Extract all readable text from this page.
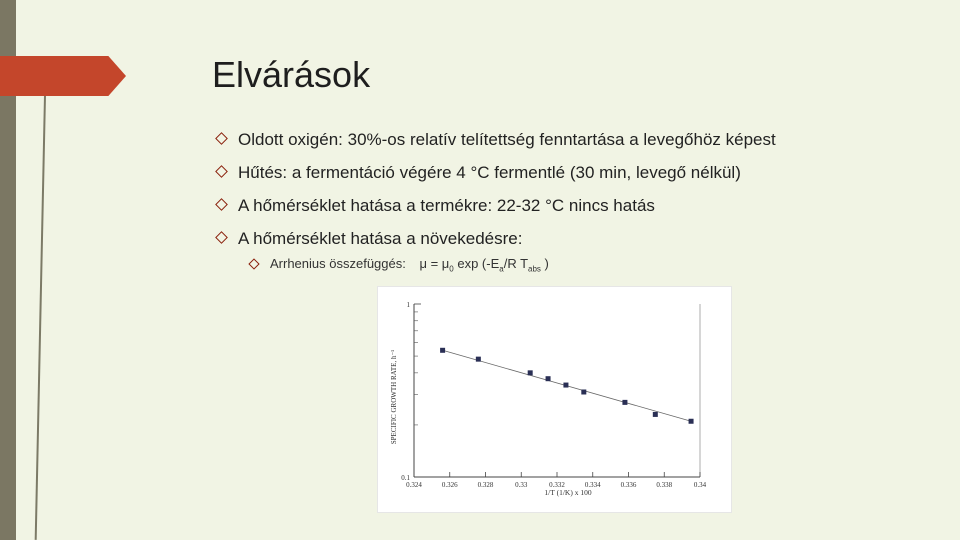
Elvárások
Oldott oxigén: 30%-os relatív telítettség fenntartása a levegőhöz képest
Hűtés: a fermentáció végére 4 °C fermentlé (30 min, levegő nélkül)
A hőmérséklet hatása a termékre: 22-32 °C nincs hatás
A hőmérséklet hatása a növekedésre:
Arrhenius összefüggés: $\mu = \mu_0$ $\exp (-E_a/R$ $T_{abs}$ )
0.1
1
0.324	0.326	0.328	0.33	0.332	0.334	0.336	0.338	0.34
SPECIFIC GROWTH RATE, h⁻¹
1/T (1/K) x 100
